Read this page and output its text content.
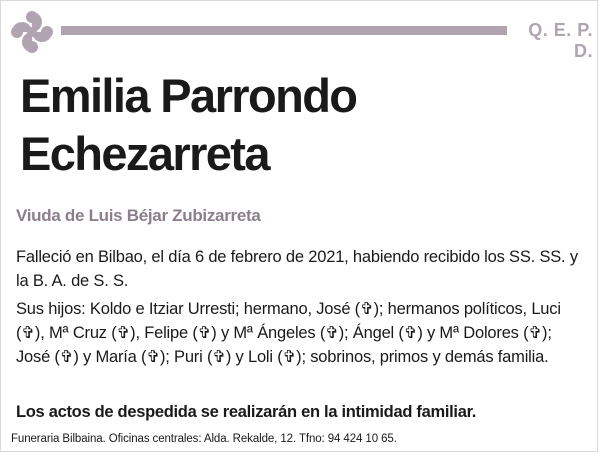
Q. E. P. D.
Emilia Parrondo
Echezarreta
Viuda de Luis Béjar Zubizarreta
Falleció en Bilbao, el día 6 de febrero de 2021, habiendo recibido los SS. SS. y la B. A. de S. S.
Sus hijos: Koldo e Itziar Urresti; hermano, José (✞); hermanos políticos, Luci (✞), Mª Cruz (✞), Felipe (✞) y Mª Ángeles (✞); Ángel (✞) y Mª Dolores (✞); José (✞) y María (✞); Puri (✞) y Loli (✞); sobrinos, primos y demás familia.
Los actos de despedida se realizarán en la intimidad familiar.
Funeraria Bilbaina. Oficinas centrales: Alda. Rekalde, 12. Tfno: 94 424 10 65.
